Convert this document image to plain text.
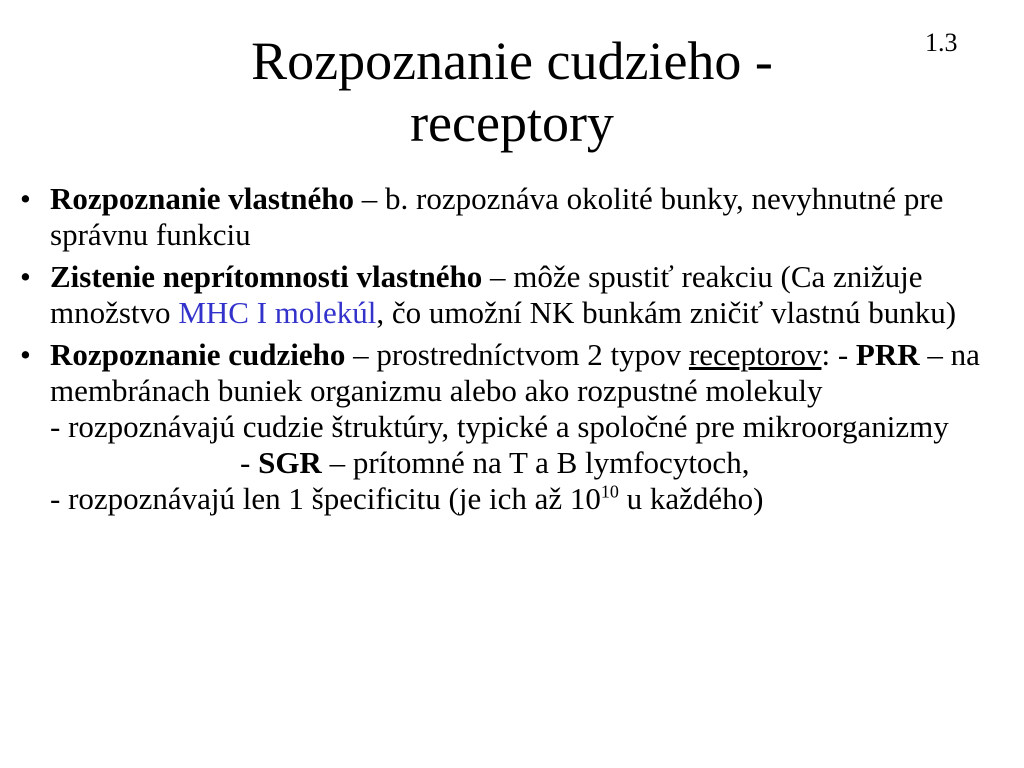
1.3
Rozpoznanie cudzieho -
receptory
• Rozpoznanie vlastného – b. rozpoznáva okolité bunky, nevyhnutné pre správnu funkciu
• Zistenie neprítomnosti vlastného – môže spustiť reakciu (Ca znižuje množstvo MHC I molekúl, čo umožní NK bunkám zničiť vlastnú bunku)
• Rozpoznanie cudzieho – prostredníctvom 2 typov receptorov: - PRR – na membránach buniek organizmu alebo ako rozpustné molekuly
- rozpoznávajú cudzie štruktúry, typické a spoločné pre mikroorganizmy
- SGR – prítomné na T a B lymfocytoch,
- rozpoznávajú len 1 špecificitu (je ich až $10^{10}$ u každého)
